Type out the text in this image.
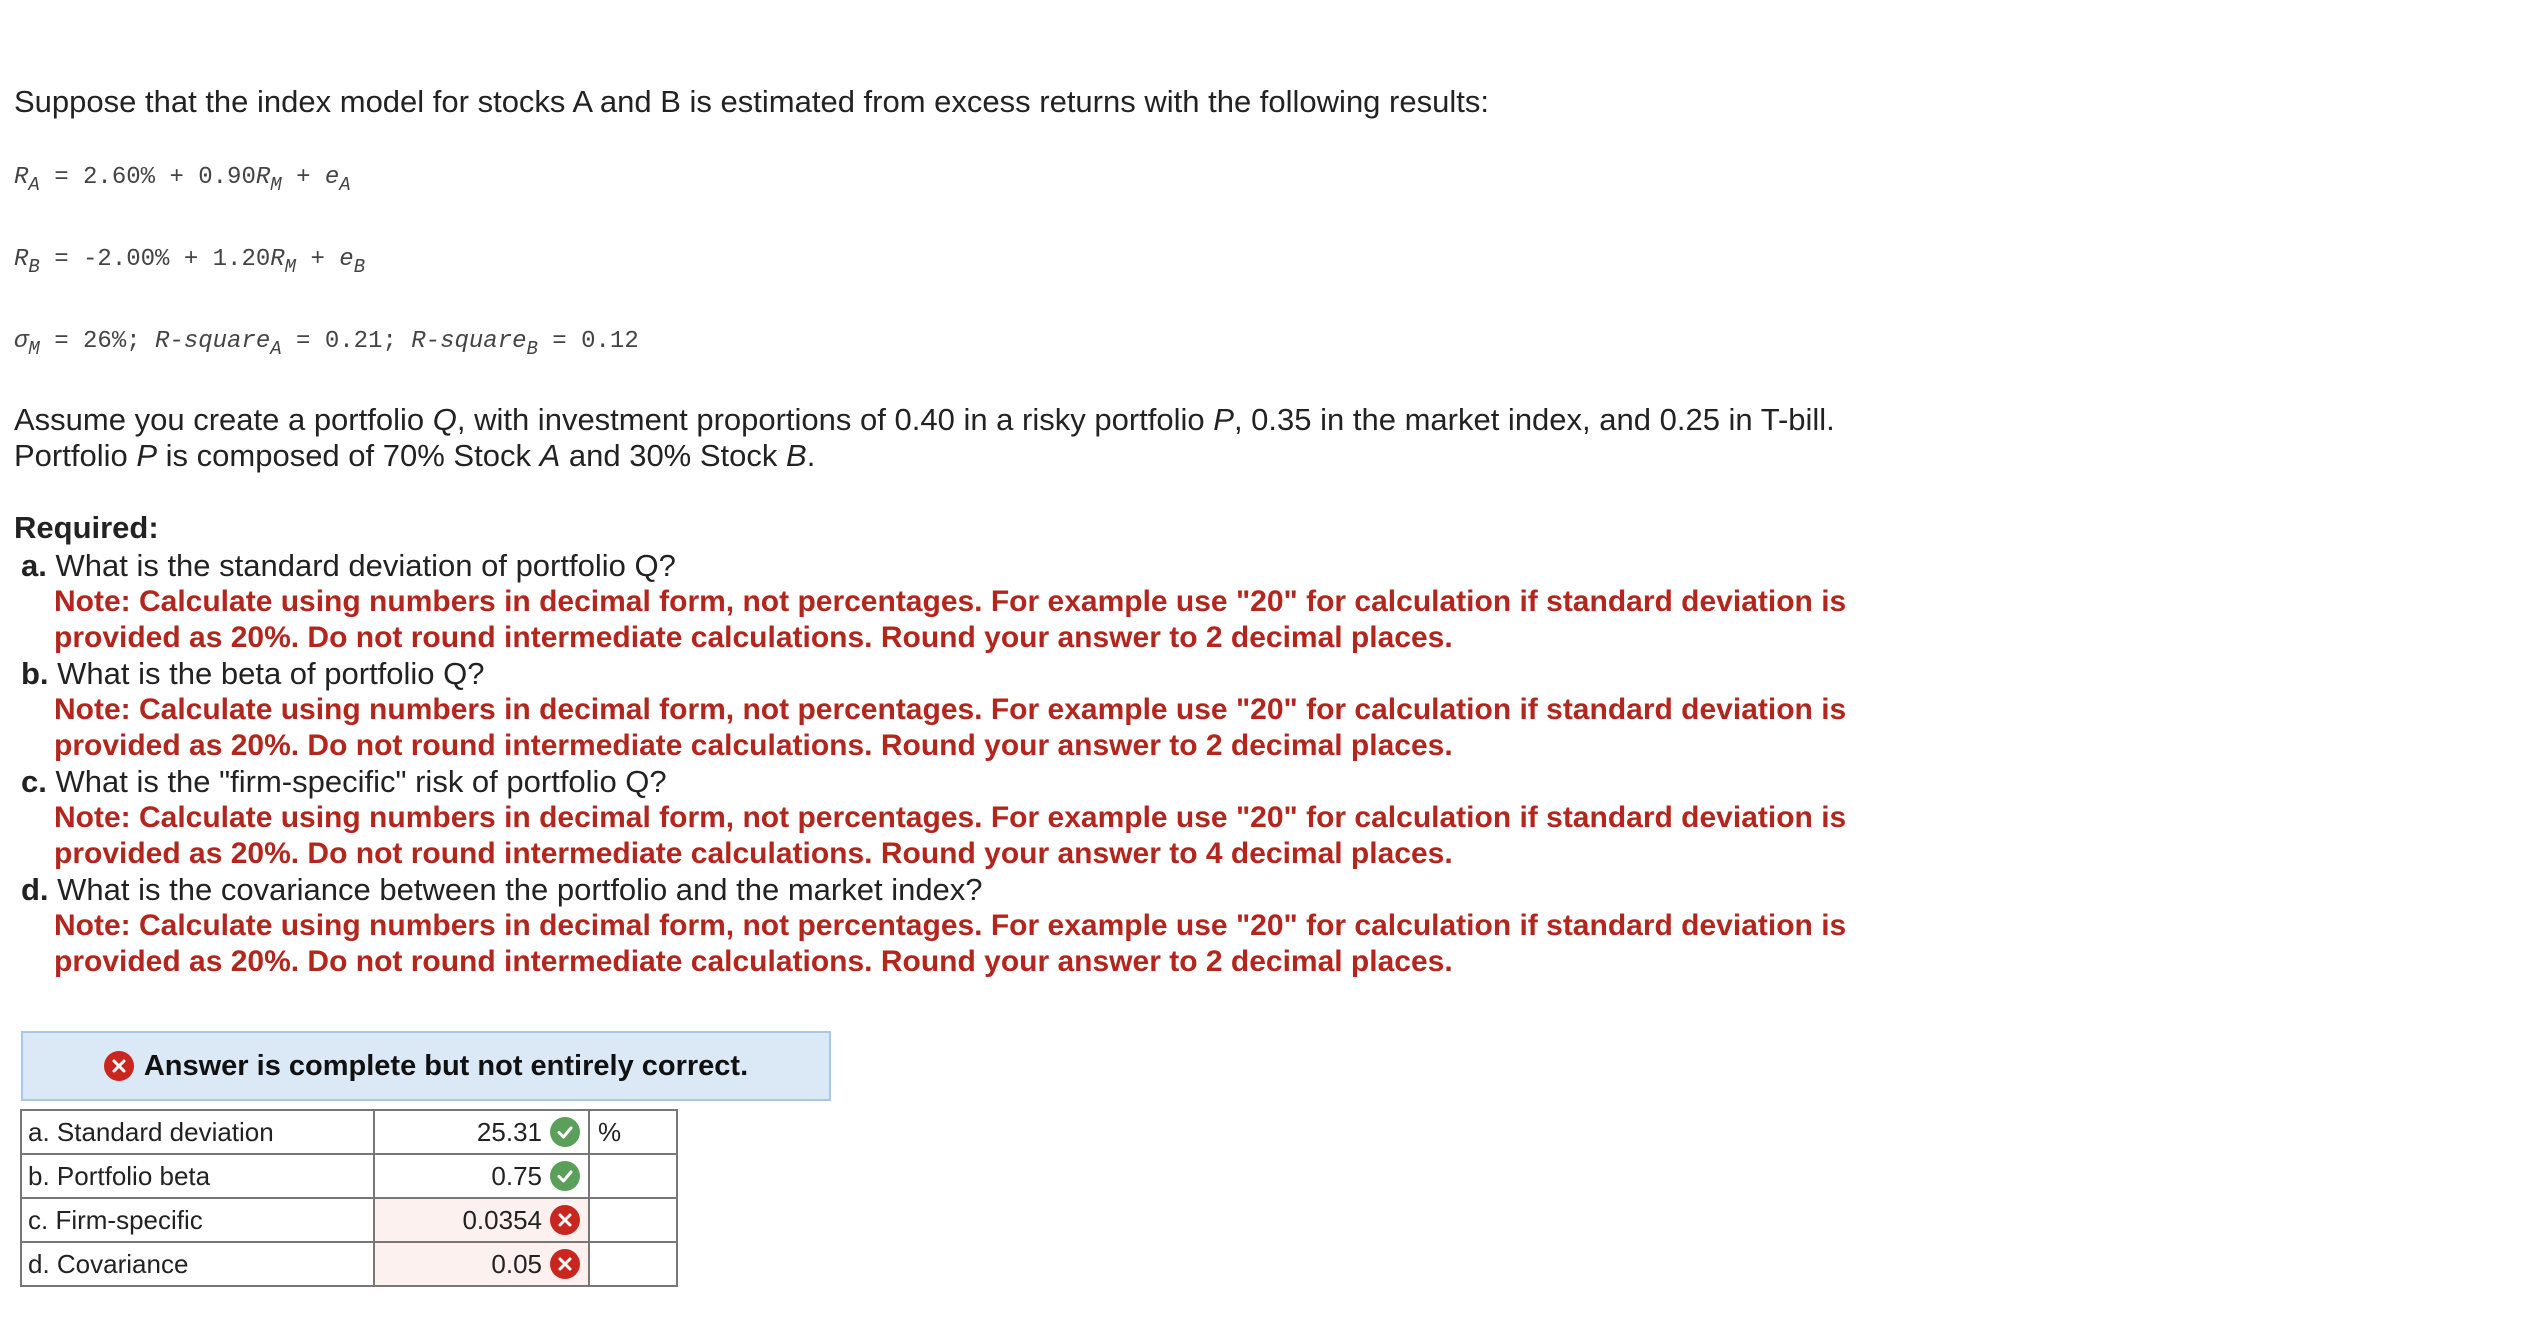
Suppose that the index model for stocks A and B is estimated from excess returns with the following results:
$R_A = 2.60\% + 0.90R_M + e_A$
$R_B = -2.00\% + 1.20R_M + e_B$
$\sigma_M = 26\%$; R-square$_A$ = 0.21; R-square$_B$ = 0.12
Assume you create a portfolio Q, with investment proportions of 0.40 in a risky portfolio P, 0.35 in the market index, and 0.25 in T-bill.
Portfolio P is composed of 70% Stock A and 30% Stock B.
Required:
a. What is the standard deviation of portfolio Q?
Note: Calculate using numbers in decimal form, not percentages. For example use "20" for calculation if standard deviation is provided as 20%. Do not round intermediate calculations. Round your answer to 2 decimal places.
b. What is the beta of portfolio Q?
Note: Calculate using numbers in decimal form, not percentages. For example use "20" for calculation if standard deviation is provided as 20%. Do not round intermediate calculations. Round your answer to 2 decimal places.
c. What is the "firm-specific" risk of portfolio Q?
Note: Calculate using numbers in decimal form, not percentages. For example use "20" for calculation if standard deviation is provided as 20%. Do not round intermediate calculations. Round your answer to 4 decimal places.
d. What is the covariance between the portfolio and the market index?
Note: Calculate using numbers in decimal form, not percentages. For example use "20" for calculation if standard deviation is provided as 20%. Do not round intermediate calculations. Round your answer to 2 decimal places.
Answer is complete but not entirely correct.
a. Standard deviation	25.31	%
b. Portfolio beta	0.75	

c. Firm-specific	0.0354	

d. Covariance	0.05	
